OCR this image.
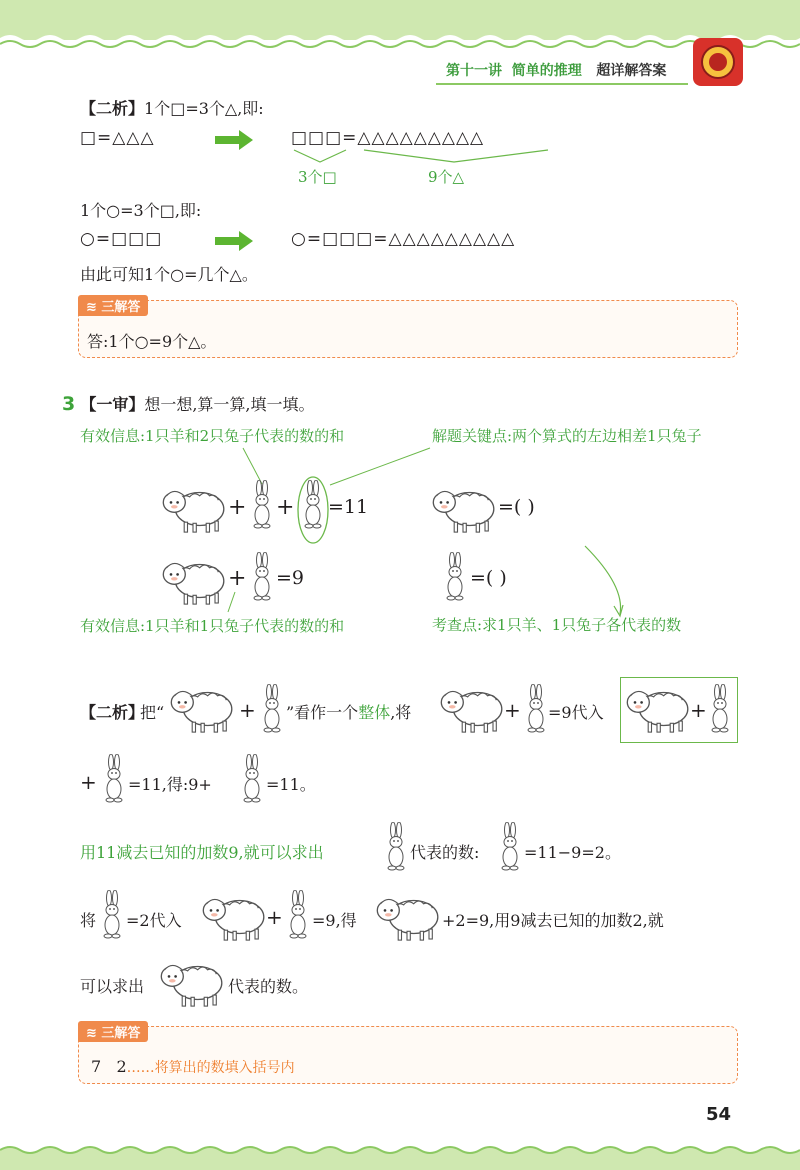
第十一讲 简单的推理 超详解答案
【二析】1个□=3个△,即:
□=△△△	□□□=△△△△△△△△△
3个□	9个△
1个○=3个□,即:
○=□□□	○=□□□=△△△△△△△△△
由此可知1个○=几个△。
≋ 三解答
答:1个○=9个△。
3 【一审】想一想,算一算,填一填。
有效信息:1只羊和2只兔子代表的数的和	解题关键点:两个算式的左边相差1只兔子
+ + =11	=( )
+ =9	=( )
有效信息:1只羊和1只兔子代表的数的和	考查点:求1只羊、1只兔子各代表的数
【二析】
把“	+ ”看作一个整体,将	+ =9代入	+
+ =11,得:9+	=11。
用11减去已知的加数9,就可以求出	代表的数:	=11−9=2。
将 =2代入	+ =9,得	+2=9,用9减去已知的加数2,就
可以求出	代表的数。
≋ 三解答
7   2……将算出的数填入括号内
54
